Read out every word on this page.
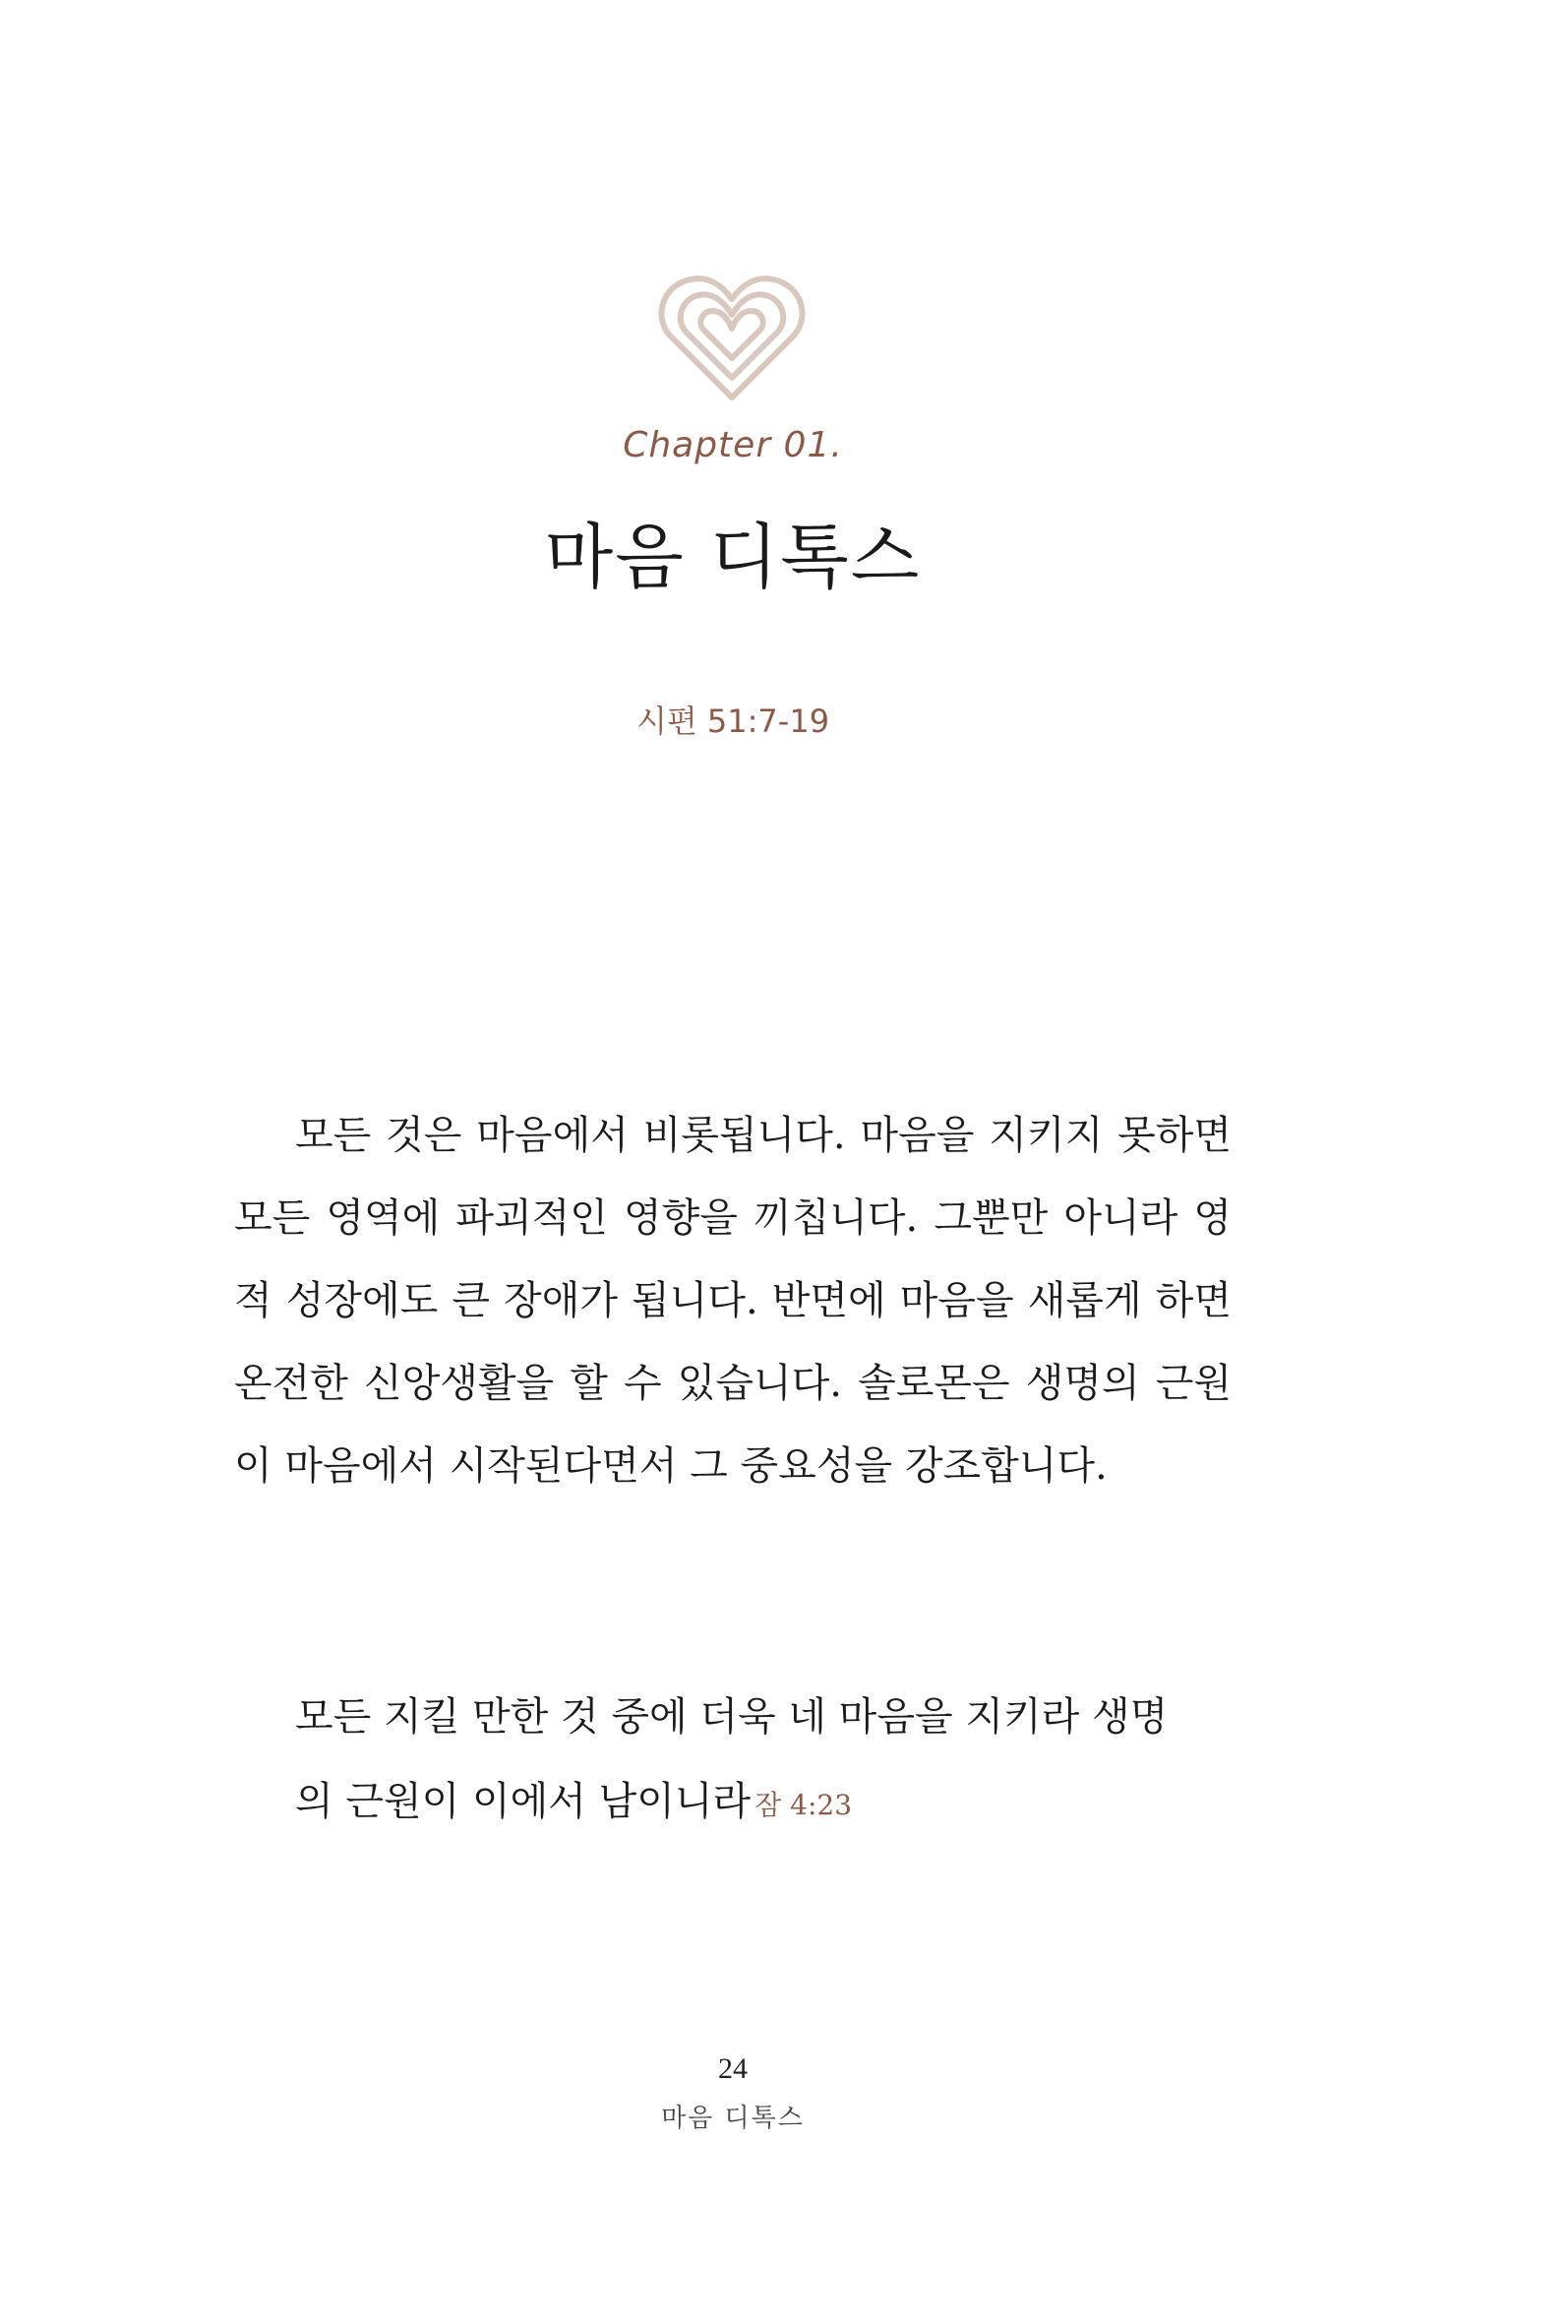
Chapter 01.
마음 디톡스
시편 51:7-19

모든 것은 마음에서 비롯됩니다. 마음을 지키지 못하면 모든 영역에 파괴적인 영향을 끼칩니다. 그뿐만 아니라 영적 성장에도 큰 장애가 됩니다. 반면에 마음을 새롭게 하면 온전한 신앙생활을 할 수 있습니다. 솔로몬은 생명의 근원이 마음에서 시작된다면서 그 중요성을 강조합니다.

모든 지킬 만한 것 중에 더욱 네 마음을 지키라 생명의 근원이 이에서 남이니라 잠 4:23

24
마음 디톡스
